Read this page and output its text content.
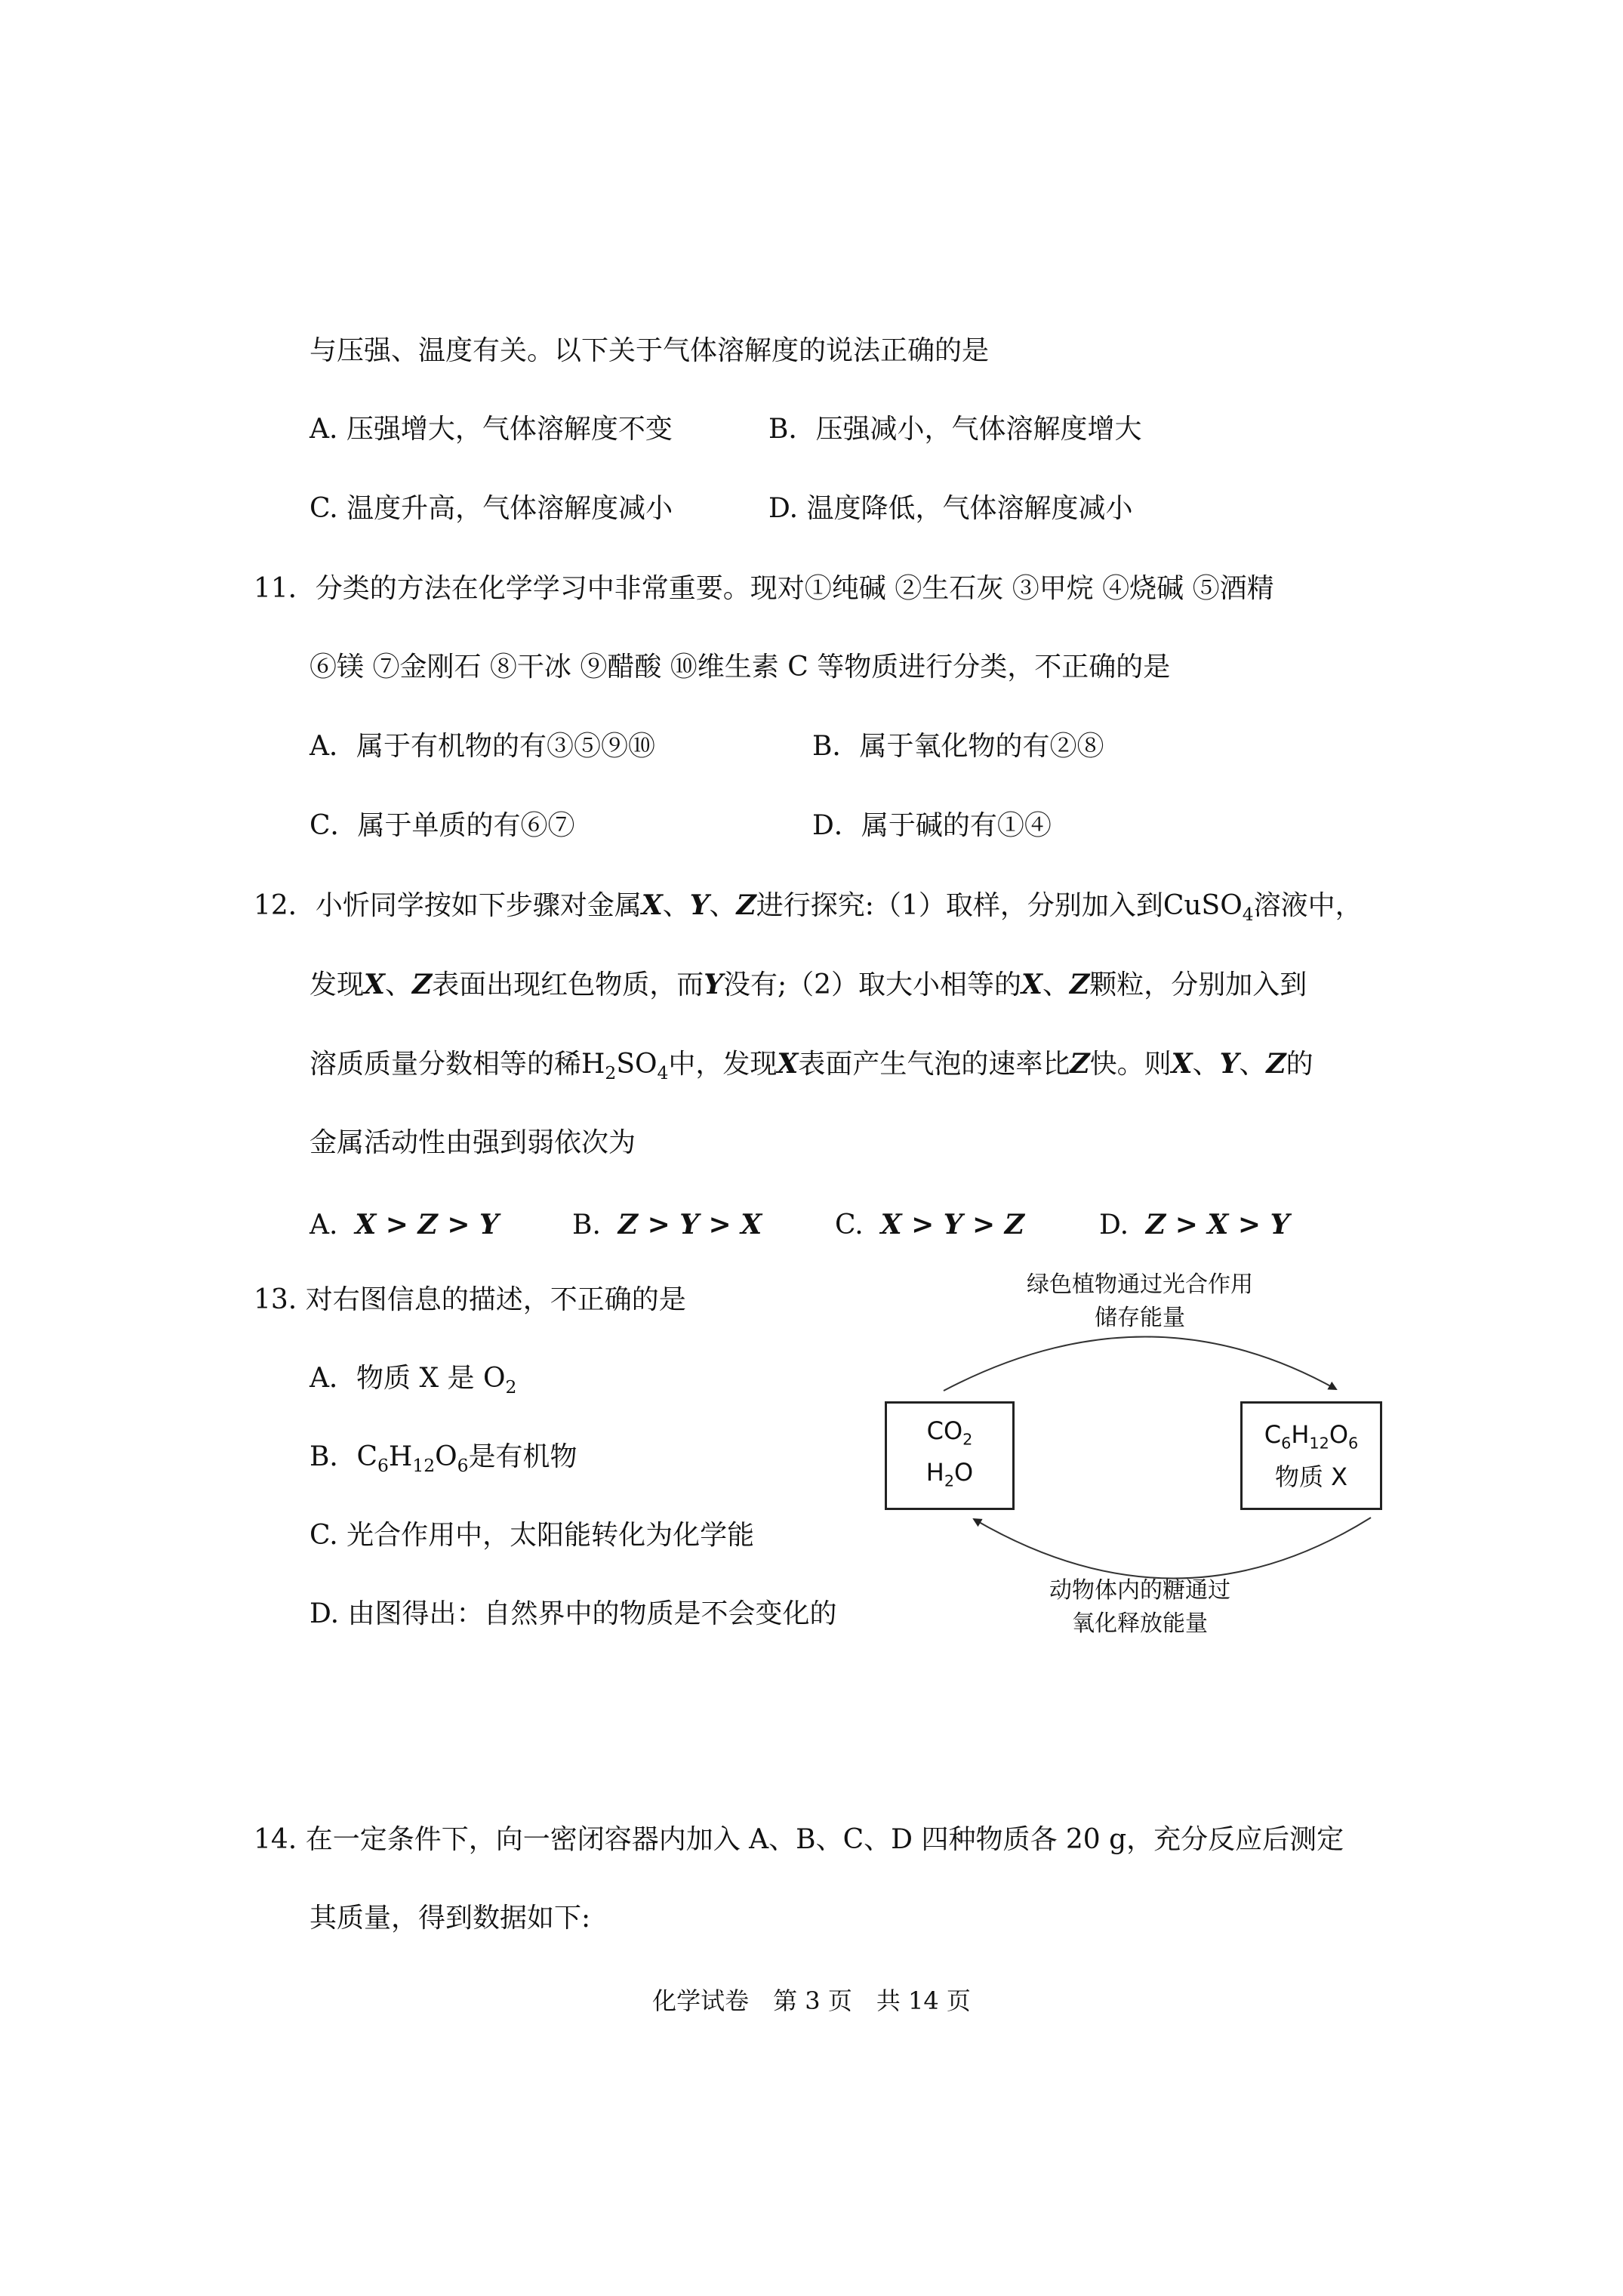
与压强、温度有关。以下关于气体溶解度的说法正确的是
A. 压强增大，气体溶解度不变	B．压强减小，气体溶解度增大
C. 温度升高，气体溶解度减小	D. 温度降低，气体溶解度减小
11．分类的方法在化学学习中非常重要。现对①纯碱 ②生石灰 ③甲烷 ④烧碱 ⑤酒精
⑥镁 ⑦金刚石 ⑧干冰 ⑨醋酸 ⑩维生素 C 等物质进行分类，不正确的是
A．属于有机物的有③⑤⑨⑩	B．属于氧化物的有②⑧
C．属于单质的有⑥⑦	D．属于碱的有①④
12．小忻同学按如下步骤对金属X、Y、Z进行探究:（1）取样，分别加入到CuSO$_4$溶液中，
发现X、Z表面出现红色物质，而Y没有;（2）取大小相等的X、Z颗粒，分别加入到
溶质质量分数相等的稀$H_2SO_4$中，发现X表面产生气泡的速率比Z快。则X、Y、Z的
金属活动性由强到弱依次为
A. X > Z > Y	B. Z > Y > X	C. X > Y > Z	D. Z > X > Y
13. 对右图信息的描述，不正确的是
A．物质 X 是 $O_2$
B．$C_6H_{12}O_6$是有机物
C. 光合作用中，太阳能转化为化学能
D. 由图得出：自然界中的物质是不会变化的
绿色植物通过光合作用
储存能量
$CO_2$
$H_2O$
$C_6H_{12}O_6$
物质 X
动物体内的糖通过
氧化释放能量
14. 在一定条件下，向一密闭容器内加入 A、B、C、D 四种物质各 20 g，充分反应后测定
其质量，得到数据如下:
化学试卷　第 3 页　共 14 页
